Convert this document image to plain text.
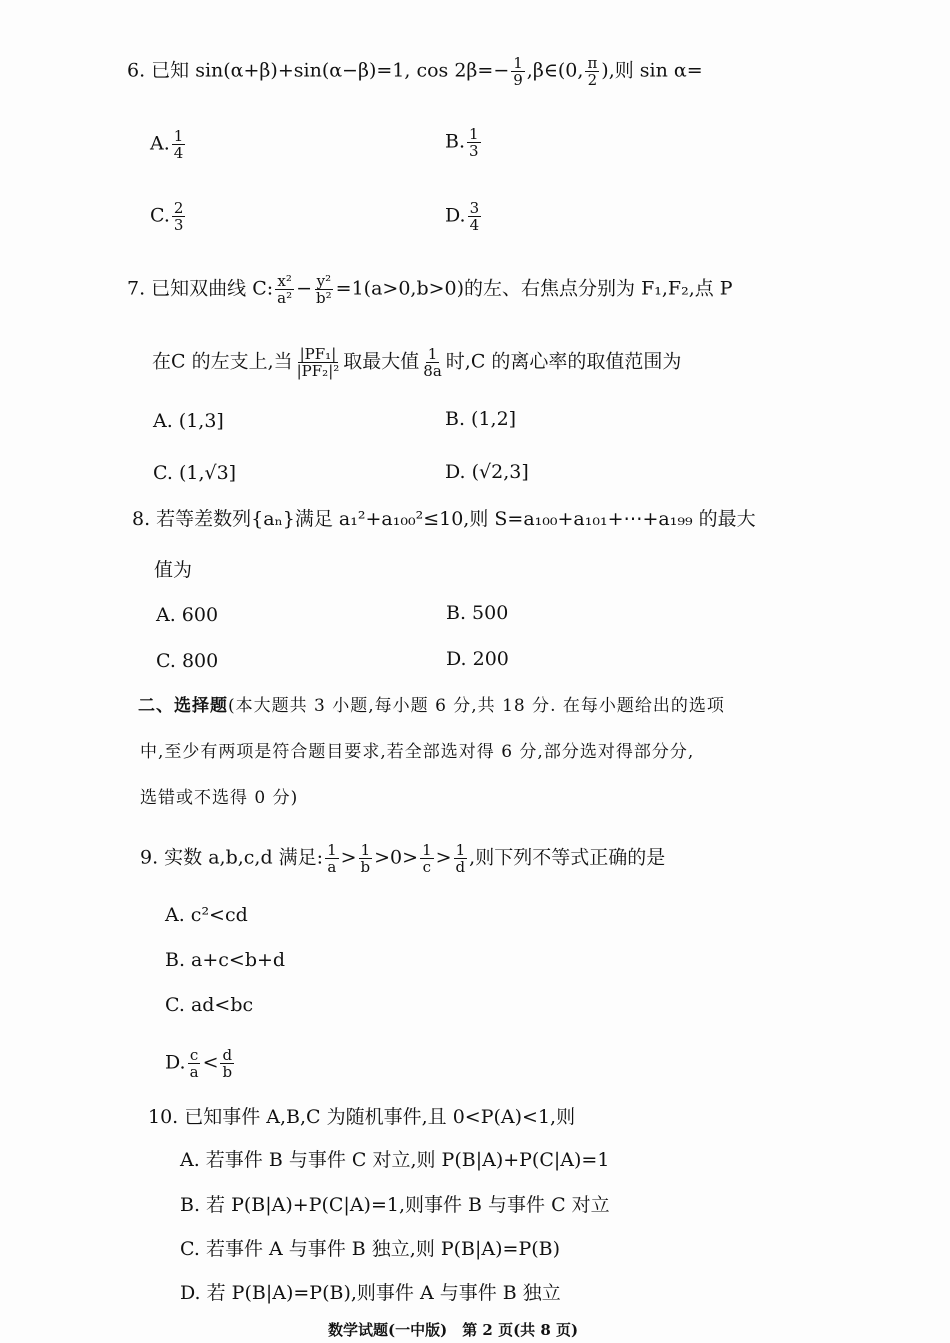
6. 已知 sin(α+β)+sin(α−β)=1, $\cos 2\beta=- \frac{1}{9}$ ,β∈(0, $\frac{\pi}{2}$ ),则 sin α=
A. $\frac{1}{4}$	B. $\frac{1}{3}$
C. $\frac{2}{3}$	D. $\frac{3}{4}$
7. 已知双曲线 C: $\frac{\text{x²}}{\text{a²}} - \frac{\text{y²}}{\text{b²}} =1(a>0,b>0)$的左、右焦点分别为 F₁,F₂,点 P
在C 的左支上,当 $\frac{\text{|PF₁|}}{\text{|PF₂|²}}$ 取最大值 $\frac{1}{8a}$ 时,C 的离心率的取值范围为
A. (1,3]	B. (1,2]
C. (1,√3]	D. (√2,3]
8. 若等差数列{aₙ}满足 a₁²+a₁₀₀²≤10,则 S=a₁₀₀+a₁₀₁+⋯+a₁₉₉ 的最大
值为
A. 600	B. 500
C. 800	D. 200
二、选择题(本大题共 3 小题,每小题 6 分,共 18 分. 在每小题给出的选项
中,至少有两项是符合题目要求,若全部选对得 6 分,部分选对得部分分,
选错或不选得 0 分)
9. 实数 a,b,c,d 满足: $\frac{1}{a} > \frac{1}{b} >0> \frac{1}{c} > \frac{1}{d}$ ,则下列不等式正确的是
A. c²<cd
B. a+c<b+d
C. ad<bc
D. $\frac{c}{a} < \frac{d}{b}$
10. 已知事件 A,B,C 为随机事件,且 0<P(A)<1,则
A. 若事件 B 与事件 C 对立,则 P(B|A)+P(C|A)=1
B. 若 P(B|A)+P(C|A)=1,则事件 B 与事件 C 对立
C. 若事件 A 与事件 B 独立,则 P(B|A)=P(B)
D. 若 P(B|A)=P(B),则事件 A 与事件 B 独立
数学试题(一中版)　第 2 页(共 8 页)
